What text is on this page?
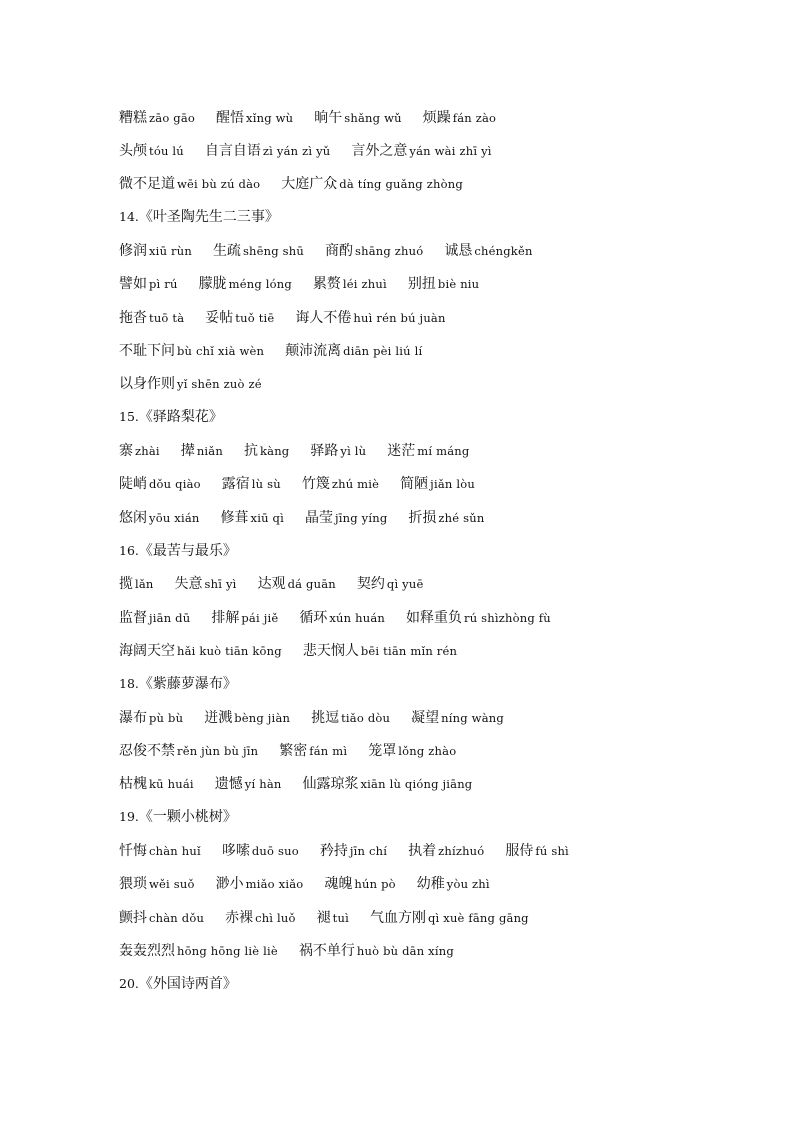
糟糕 zāo gāo 醒悟 xǐng wù 晌午 shǎng wǔ 烦躁 fán zào
头颅 tóu lú 自言自语 zì yán zì yǔ 言外之意 yán wài zhī yì
微不足道 wēi bù zú dào 大庭广众 dà tíng guǎng zhòng
14.《叶圣陶先生二三事》
修润 xiū rùn 生疏 shēng shū 商酌 shāng zhuó 诚恳 chéngkěn
譬如 pì rú 朦胧 méng lóng 累赘 léi zhuì 别扭 biè niu
拖沓 tuō tà 妥帖 tuǒ tiē 诲人不倦 huì rén bú juàn
不耻下问 bù chǐ xià wèn 颠沛流离 diān pèi liú lí
以身作则 yǐ shēn zuò zé
15.《驿路梨花》
寨 zhài 撵 niǎn 抗 kàng 驿路 yì lù 迷茫 mí máng
陡峭 dǒu qiào 露宿 lù sù 竹篾 zhú miè 简陋 jiǎn lòu
悠闲 yōu xián 修葺 xiū qì 晶莹 jīng yíng 折损 zhé sǔn
16.《最苦与最乐》
揽 lǎn 失意 shī yì 达观 dá guān 契约 qì yuē
监督 jiān dū 排解 pái jiě 循环 xún huán 如释重负 rú shìzhòng fù
海阔天空 hǎi kuò tiān kōng 悲天悯人 bēi tiān mǐn rén
18.《紫藤萝瀑布》
瀑布 pù bù 迸溅 bèng jiàn 挑逗 tiǎo dòu 凝望 níng wàng
忍俊不禁 rěn jùn bù jīn 繁密 fán mì 笼罩 lǒng zhào
枯槐 kū huái 遗憾 yí hàn 仙露琼浆 xiān lù qióng jiāng
19.《一颗小桃树》
忏悔 chàn huǐ 哆嗦 duō suo 矜持 jīn chí 执着 zhízhuó 服侍 fú shì
猥琐 wěi suǒ 渺小 miǎo xiǎo 魂魄 hún pò 幼稚 yòu zhì
颤抖 chàn dǒu 赤裸 chì luǒ 褪 tuì 气血方刚 qì xuè fāng gāng
轰轰烈烈 hōng hōng liè liè 祸不单行 huò bù dān xíng
20.《外国诗两首》
